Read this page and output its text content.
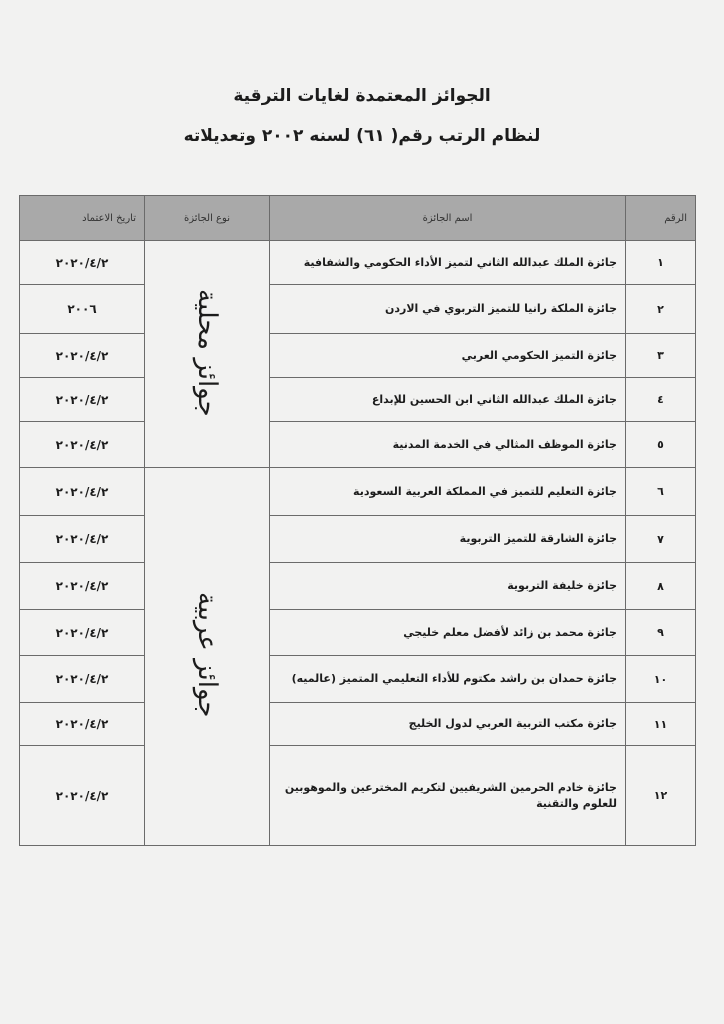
الجوائز المعتمدة لغايات الترقية
لنظام الرتب رقم( ٦١) لسنه ٢٠٠٢ وتعديلاته
الرقم	اسم الجائزة	نوع الجائزة	تاريخ الاعتماد
١	جائزة الملك عبدالله الثاني لتميز الأداء الحكومي والشفافية	جوائز محلية	٢٠٢٠/٤/٢
٢	جائزة الملكة رانيا للتميز التربوي في الاردن		٢٠٠٦
٣	جائزة التميز الحكومي العربي		٢٠٢٠/٤/٢
٤	جائزة الملك عبدالله الثاني ابن الحسين للإبداع		٢٠٢٠/٤/٢
٥	جائزة الموظف المثالي في الخدمة المدنية		٢٠٢٠/٤/٢
٦	جائزة التعليم للتميز في المملكة العربية السعودية	جوائز عربية	٢٠٢٠/٤/٢
٧	جائزة الشارقة للتميز التربوية		٢٠٢٠/٤/٢
٨	جائزة خليفة التربوية		٢٠٢٠/٤/٢
٩	جائزة محمد بن زائد لأفضل معلم خليجي		٢٠٢٠/٤/٢
١٠	جائزة حمدان بن راشد مكتوم للأداء التعليمي المتميز (عالميه)		٢٠٢٠/٤/٢
١١	جائزة مكتب التربية العربي لدول الخليج		٢٠٢٠/٤/٢
١٢	جائزة خادم الحرمين الشريفيين لتكريم المخترعين والموهوبين للعلوم والتقنية		٢٠٢٠/٤/٢
